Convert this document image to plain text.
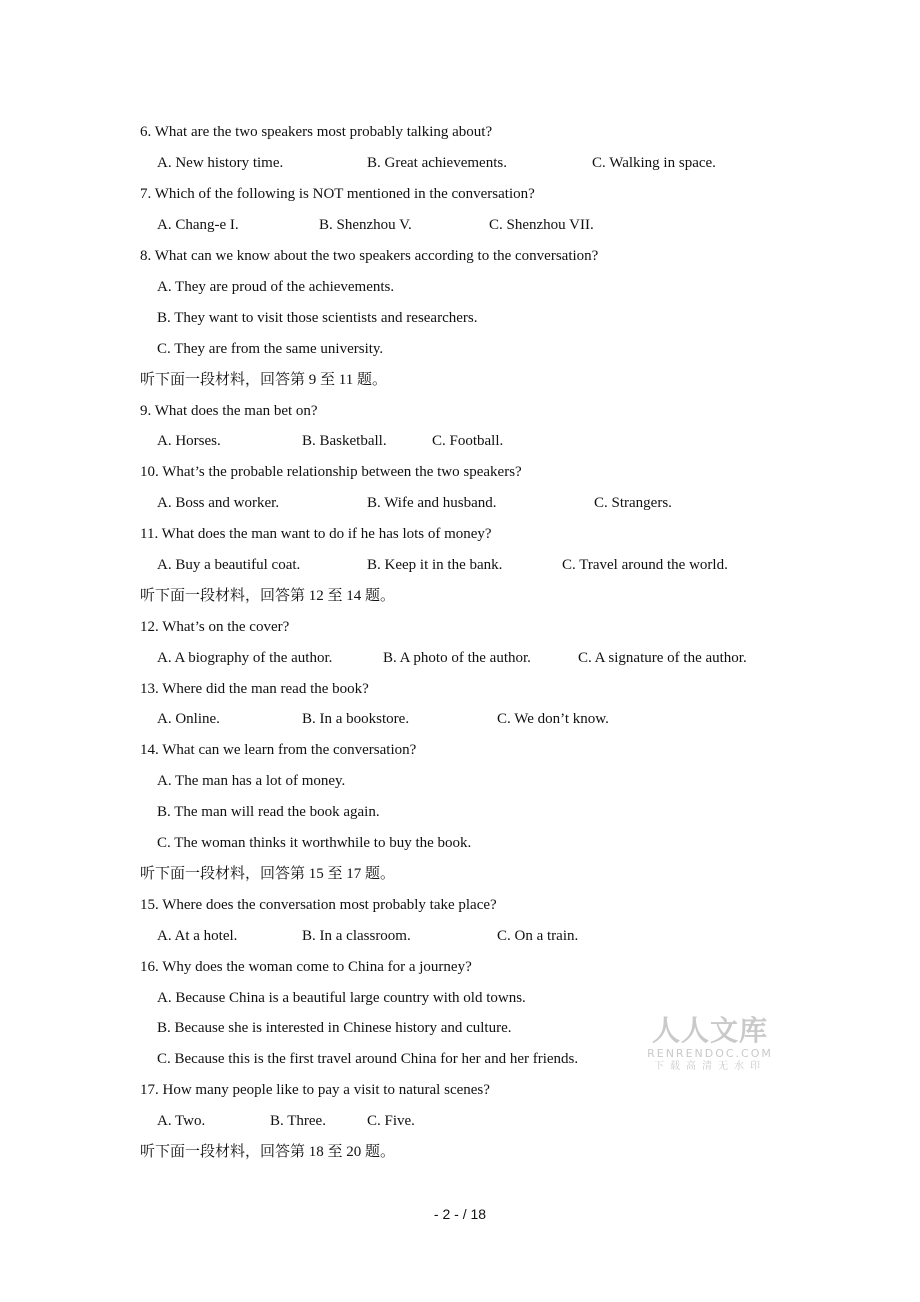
6. What are the two speakers most probably talking about?
A. New history time.	B. Great achievements.	C. Walking in space.
7. Which of the following is NOT mentioned in the conversation?
A. Chang-e I.	B. Shenzhou V.	C. Shenzhou VII.
8. What can we know about the two speakers according to the conversation?
A. They are proud of the achievements.
B. They want to visit those scientists and researchers.
C. They are from the same university.
听下面一段材料，回答第 9 至 11 题。
9. What does the man bet on?
A. Horses.	B. Basketball.	C. Football.
10. What’s the probable relationship between the two speakers?
A. Boss and worker.	B. Wife and husband.	C. Strangers.
11. What does the man want to do if he has lots of money?
A. Buy a beautiful coat.	B. Keep it in the bank.	C. Travel around the world.
听下面一段材料，回答第 12 至 14 题。
12. What’s on the cover?
A. A biography of the author.	B. A photo of the author.	C. A signature of the author.
13. Where did the man read the book?
A. Online.	B. In a bookstore.	C. We don’t know.
14. What can we learn from the conversation?
A. The man has a lot of money.
B. The man will read the book again.
C. The woman thinks it worthwhile to buy the book.
听下面一段材料，回答第 15 至 17 题。
15. Where does the conversation most probably take place?
A. At a hotel.	B. In a classroom.	C. On a train.
16. Why does the woman come to China for a journey?
A. Because China is a beautiful large country with old towns.
B. Because she is interested in Chinese history and culture.
C. Because this is the first travel around China for her and her friends.
17. How many people like to pay a visit to natural scenes?
A. Two.	B. Three.	C. Five.
听下面一段材料，回答第 18 至 20 题。
人人文库
RENRENDOC.COM
下载高清无水印
- 2 - / 18
